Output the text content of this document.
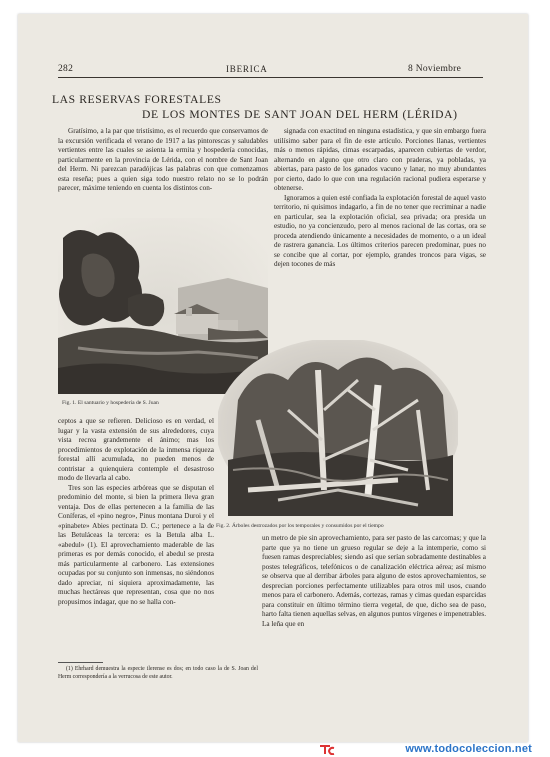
282	IBERICA	8 Noviembre
LAS RESERVAS FORESTALES
DE LOS MONTES DE SANT JOAN DEL HERM (LÉRIDA)

Gratísimo, a la par que tristísimo, es el recuerdo que conservamos de la excursión verificada el verano de 1917 a las pintorescas y saludables vertientes entre las cuales se asienta la ermita y hospedería conocidas, particularmente en la provincia de Lérida, con el nombre de Sant Joan del Herm. Ni parezcan paradójicas las palabras con que comenzamos esta reseña; pues a quien siga todo nuestro relato no se lo podrán parecer, máxime teniendo en cuenta los distintos con-

signada con exactitud en ninguna estadística, y que sin embargo fuera utilísimo saber para el fin de este artículo. Porciones llanas, vertientes más o menos rápidas, cimas escarpadas, aparecen cubiertas de verdor, alternando en alguno que otro claro con praderas, ya pobladas, ya abiertas, para pasto de los ganados vacuno y lanar, no muy abundantes por cierto, dado lo que con una regulación racional pudiera esperarse y obtenerse.

Ignoramos a quien esté confiada la explotación forestal de aquel vasto territorio, ni quisimos indagarlo, a fin de no tener que recriminar a nadie en particular, sea la explotación oficial, sea privada; ora presida un estudio, no ya concienzudo, pero al menos racional de las cortas, ora se proceda atendiendo únicamente a necesidades de momento, o a un ideal de rastrera ganancia. Los últimos criterios parecen predominar, pues no se concibe que al cortar, por ejemplo, grandes troncos para vigas, se dejen tocones de más

Fig. 1. El santuario y hospedería de S. Juan
Fig. 2. Árboles destrozados por los temporales y consumidos por el tiempo

ceptos a que se refieren. Delicioso es en verdad, el lugar y la vasta extensión de sus alrededores, cuya vista recrea grandemente el ánimo; mas los procedimientos de explotación de la inmensa riqueza forestal allí acumulada, no pueden menos de contristar a quienquiera contemple el desastroso modo de llevarla al cabo.

Tres son las especies arbóreas que se disputan el predominio del monte, si bien la primera lleva gran ventaja. Dos de ellas pertenecen a la familia de las Coníferas, el «pino negro», Pinus montana Duroi y el «pinabete» Abies pectinata D. C.; pertenece a la de las Betuláceas la tercera: es la Betula alba L. «abedul» (1). El aprovechamiento maderable de las primeras es por demás conocido, el abedul se presta más particularmente al carbonero. Las extensiones ocupadas por su conjunto son inmensas, no siéndonos dado apreciar, ni siquiera aproximadamente, las muchas hectáreas que representan, cosa que no nos propusimos indagar, que no se halla con-

un metro de pie sin aprovechamiento, para ser pasto de las carcomas; y que la parte que ya no tiene un grueso regular se deje a la intemperie, como si fuesen ramas despreciables; siendo así que serían sobradamente destinables a postes telegráficos, telefónicos o de canalización eléctrica aérea; así mismo se observa que al derribar árboles para alguno de estos aprovechamientos, se desprecian porciones perfectamente utilizables para otros mil usos, cuando menos para el carbonero. Además, cortezas, ramas y cimas quedan esparcidas para constituir en último término tierra vegetal, de que, dicho sea de paso, harto falta tienen aquellas selvas, en algunos puntos vírgenes e impenetrables. La leña que en

(1) Ehrhard demuestra la especie ilerense es dos; en todo caso la de S. Joan del Herm correspondería a la verrucosa de este autor.

www.todocoleccion.net
